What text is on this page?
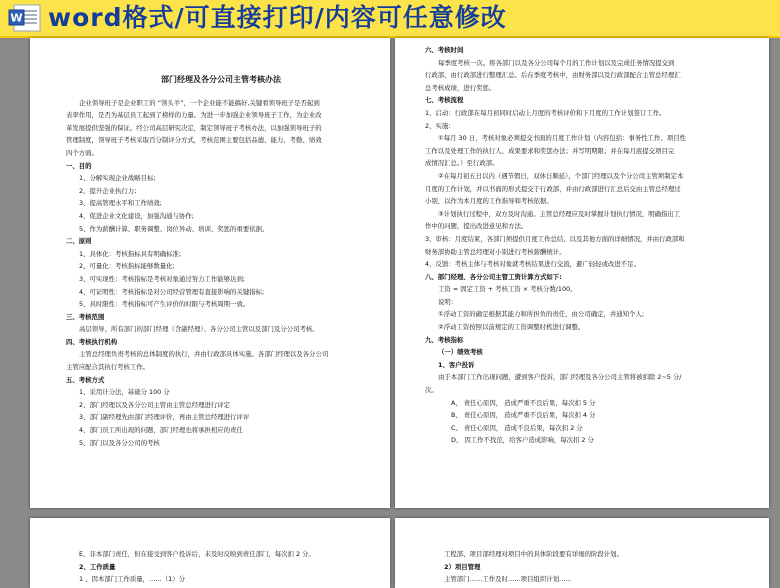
W word格式/可直接打印/内容可任意修改
部门经理及各分公司主管考核办法
企业领导班子是企业职工的 “领头羊”，一个企业能不能搞好,关键看领导班子是否起到
表率作用，是否为基层员工起到了榜样的力量。为进一步加强企业领导班子工作，为企业改
革发展提供坚强的保证。经公司高层研究决定，制定领导班子考核办法，以加强领导班子的
管理制度，领导班子考核采取百分制评分方式，考核范围主要包括品德、能力、考勤、绩效
四个方面。
一、目的
1、分解实现企业战略目标;
2、提升企业执行力;
3、提高管理水平和工作绩效;
4、促进企业文化建设，加强沟通与协作;
5、作为薪酬计算、职务调整、岗位异动、培训、奖惩的重要依据。
二、原则
1、具体化：考核指标具有明确标准;
2、可量化：考核指标能够数量化;
3、可实现性：考核指标是考核对象通过努力工作能够达到;
4、可证明性：考核指标是对公司经营管理有直接影响的关键指标;
5、具时限性：考核指标可产生评价的时限与考核周期一致。
三、考核范围
高层领导、所有部门的部门经理（含副经理）、各分公司主管以及部门及分公司考核。
四、考核执行机构
主管总经理负责考核的总体制度的执行，并由行政部具体实施。各部门经理以及各分公司
主管应配合其执行考核工作。
五、考核方式
1、采用计分法，基础分 100 分
2、部门经理以及各分公司主管由主管总经理进行评定
3、部门副经理先由部门经理评价，再由主管总经理进行评评
4、部门员工所出现的问题，部门经理也将承担相应的责任
5、部门以及各分公司的考核
六、考核时间
每季度考核一次。将各部门以及各分公司每个月的工作计划以及完成任务情况提交到
行政部，由行政部进行整理汇总。后在季度考核中，由财务部以及行政部配合主管总经理汇
总考核成绩，进行奖惩。
七、考核流程
1、启动：行政部在每月初同时启动上月度的考核评价和下月度的工作计划签订工作。
2、实施：
①每月 30 日，考核对象必须提交书面的月度工作计划（内容包括：事务性工作、项目性
工作以及处理工作的执行人、成果要求和奖惩办法；并写明期限；并在每月底提交项目完
成情况汇总。）至行政部。
②在每月初五日以内（遇节假日，双休日顺延），个部门经理以及个分公司主管须制定本
月度的工作计划，并以书面的形式提交于行政部，并由行政部进行汇总后交由主管总经理过
小别，以作为本月度的工作指导和考核依据。
③计划执行过程中，双方及时沟通。主管总经理应及时掌握计划执行情况，明确指出工
作中的问题，提出改进意见和方法。
3、审核：月度结束，各部门须提供月度工作总结，以及其他方面的详细情况，并由行政部和
财务部协助主管总经理对小别进行考核薪酬统计。
4、反馈：考核主体与考核对象就考核结果进行交流，避广轻轻或改进不足。
八、部门经理、各分公司主管工资计算方式如下:
工资 = 固定工资 + 考核工资 × 考核分数/100。
说明：
①浮动工资的确定根据其能力和所担负的责任，由公司确定，并通知个人;
②浮动工资按照以前规定的工资调整时机进行调整。
九、考核指标
（一）绩效考核
1、客户投诉
由于本部门工作出现问题，遭到客户投诉，部门经理及各分公司主管将被扣除 2~5 分/
次。
A、 责任心原因， 造成严重不良后果，每次扣 5 分
B、 责任心原因， 造成严重不良后果，每次扣 4 分
C、 责任心原因， 造成不良后果，每次扣 2 分
D、 因工作不找范，给客户造成影响，每次扣 2 分
E、非本部门责任，但在接受到客户投诉后，未及时反映到责任部门，每次扣 2 分。
2、工作质量
1 、因本部门工作质量，……（1）分
工程部、项目部经理对项目中的具体阶段要有详细的阶段计划。
2）项目管理
主管部门……工作及时……项目组织计划……
